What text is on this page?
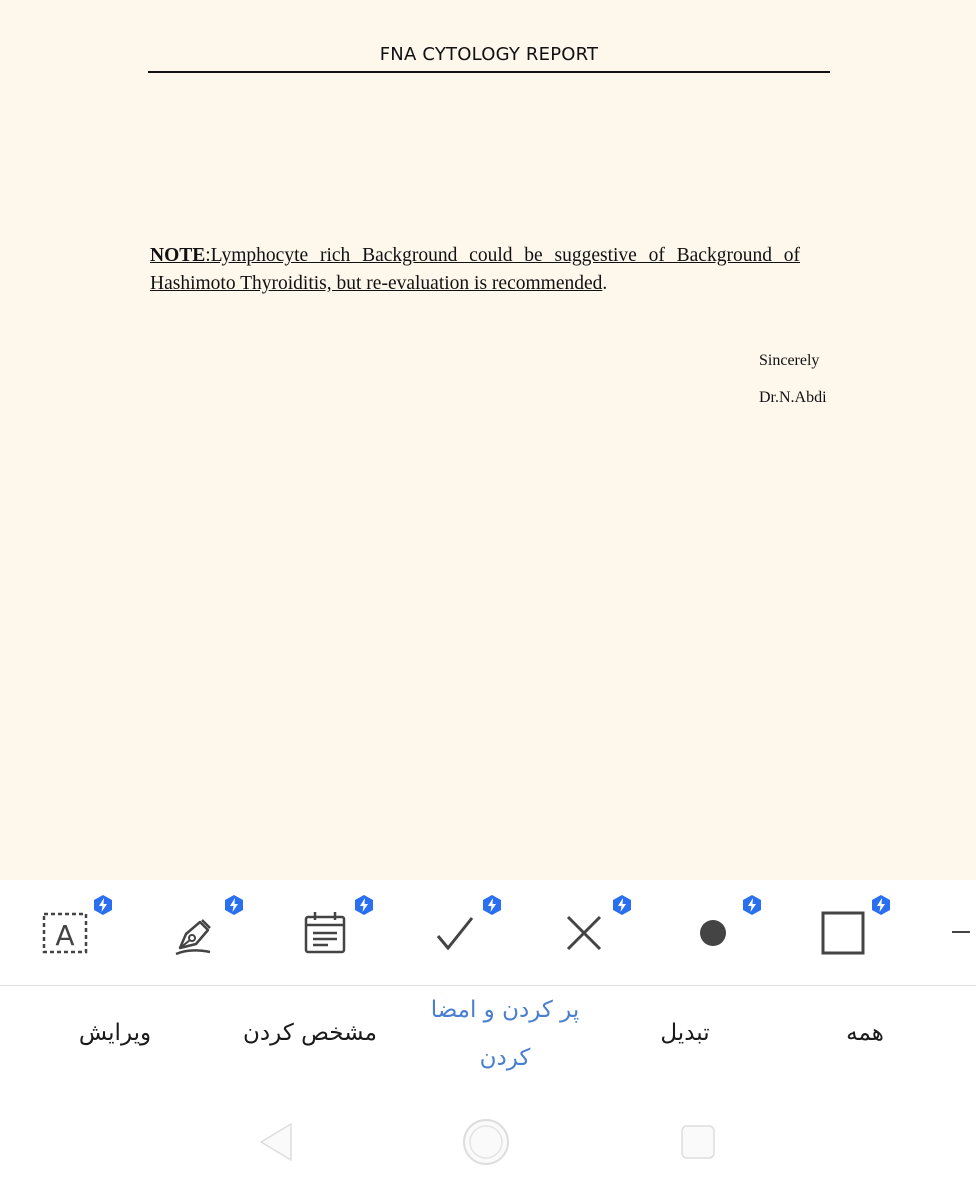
FNA CYTOLOGY REPORT
NOTE:Lymphocyte rich Background could be suggestive of Background of Hashimoto Thyroiditis, but re-evaluation is recommended.
Sincerely
Dr.N.Abdi
A
ویرایش	مشخص کردن
پر کردن و امضا
کردن
تبدیل	همه
